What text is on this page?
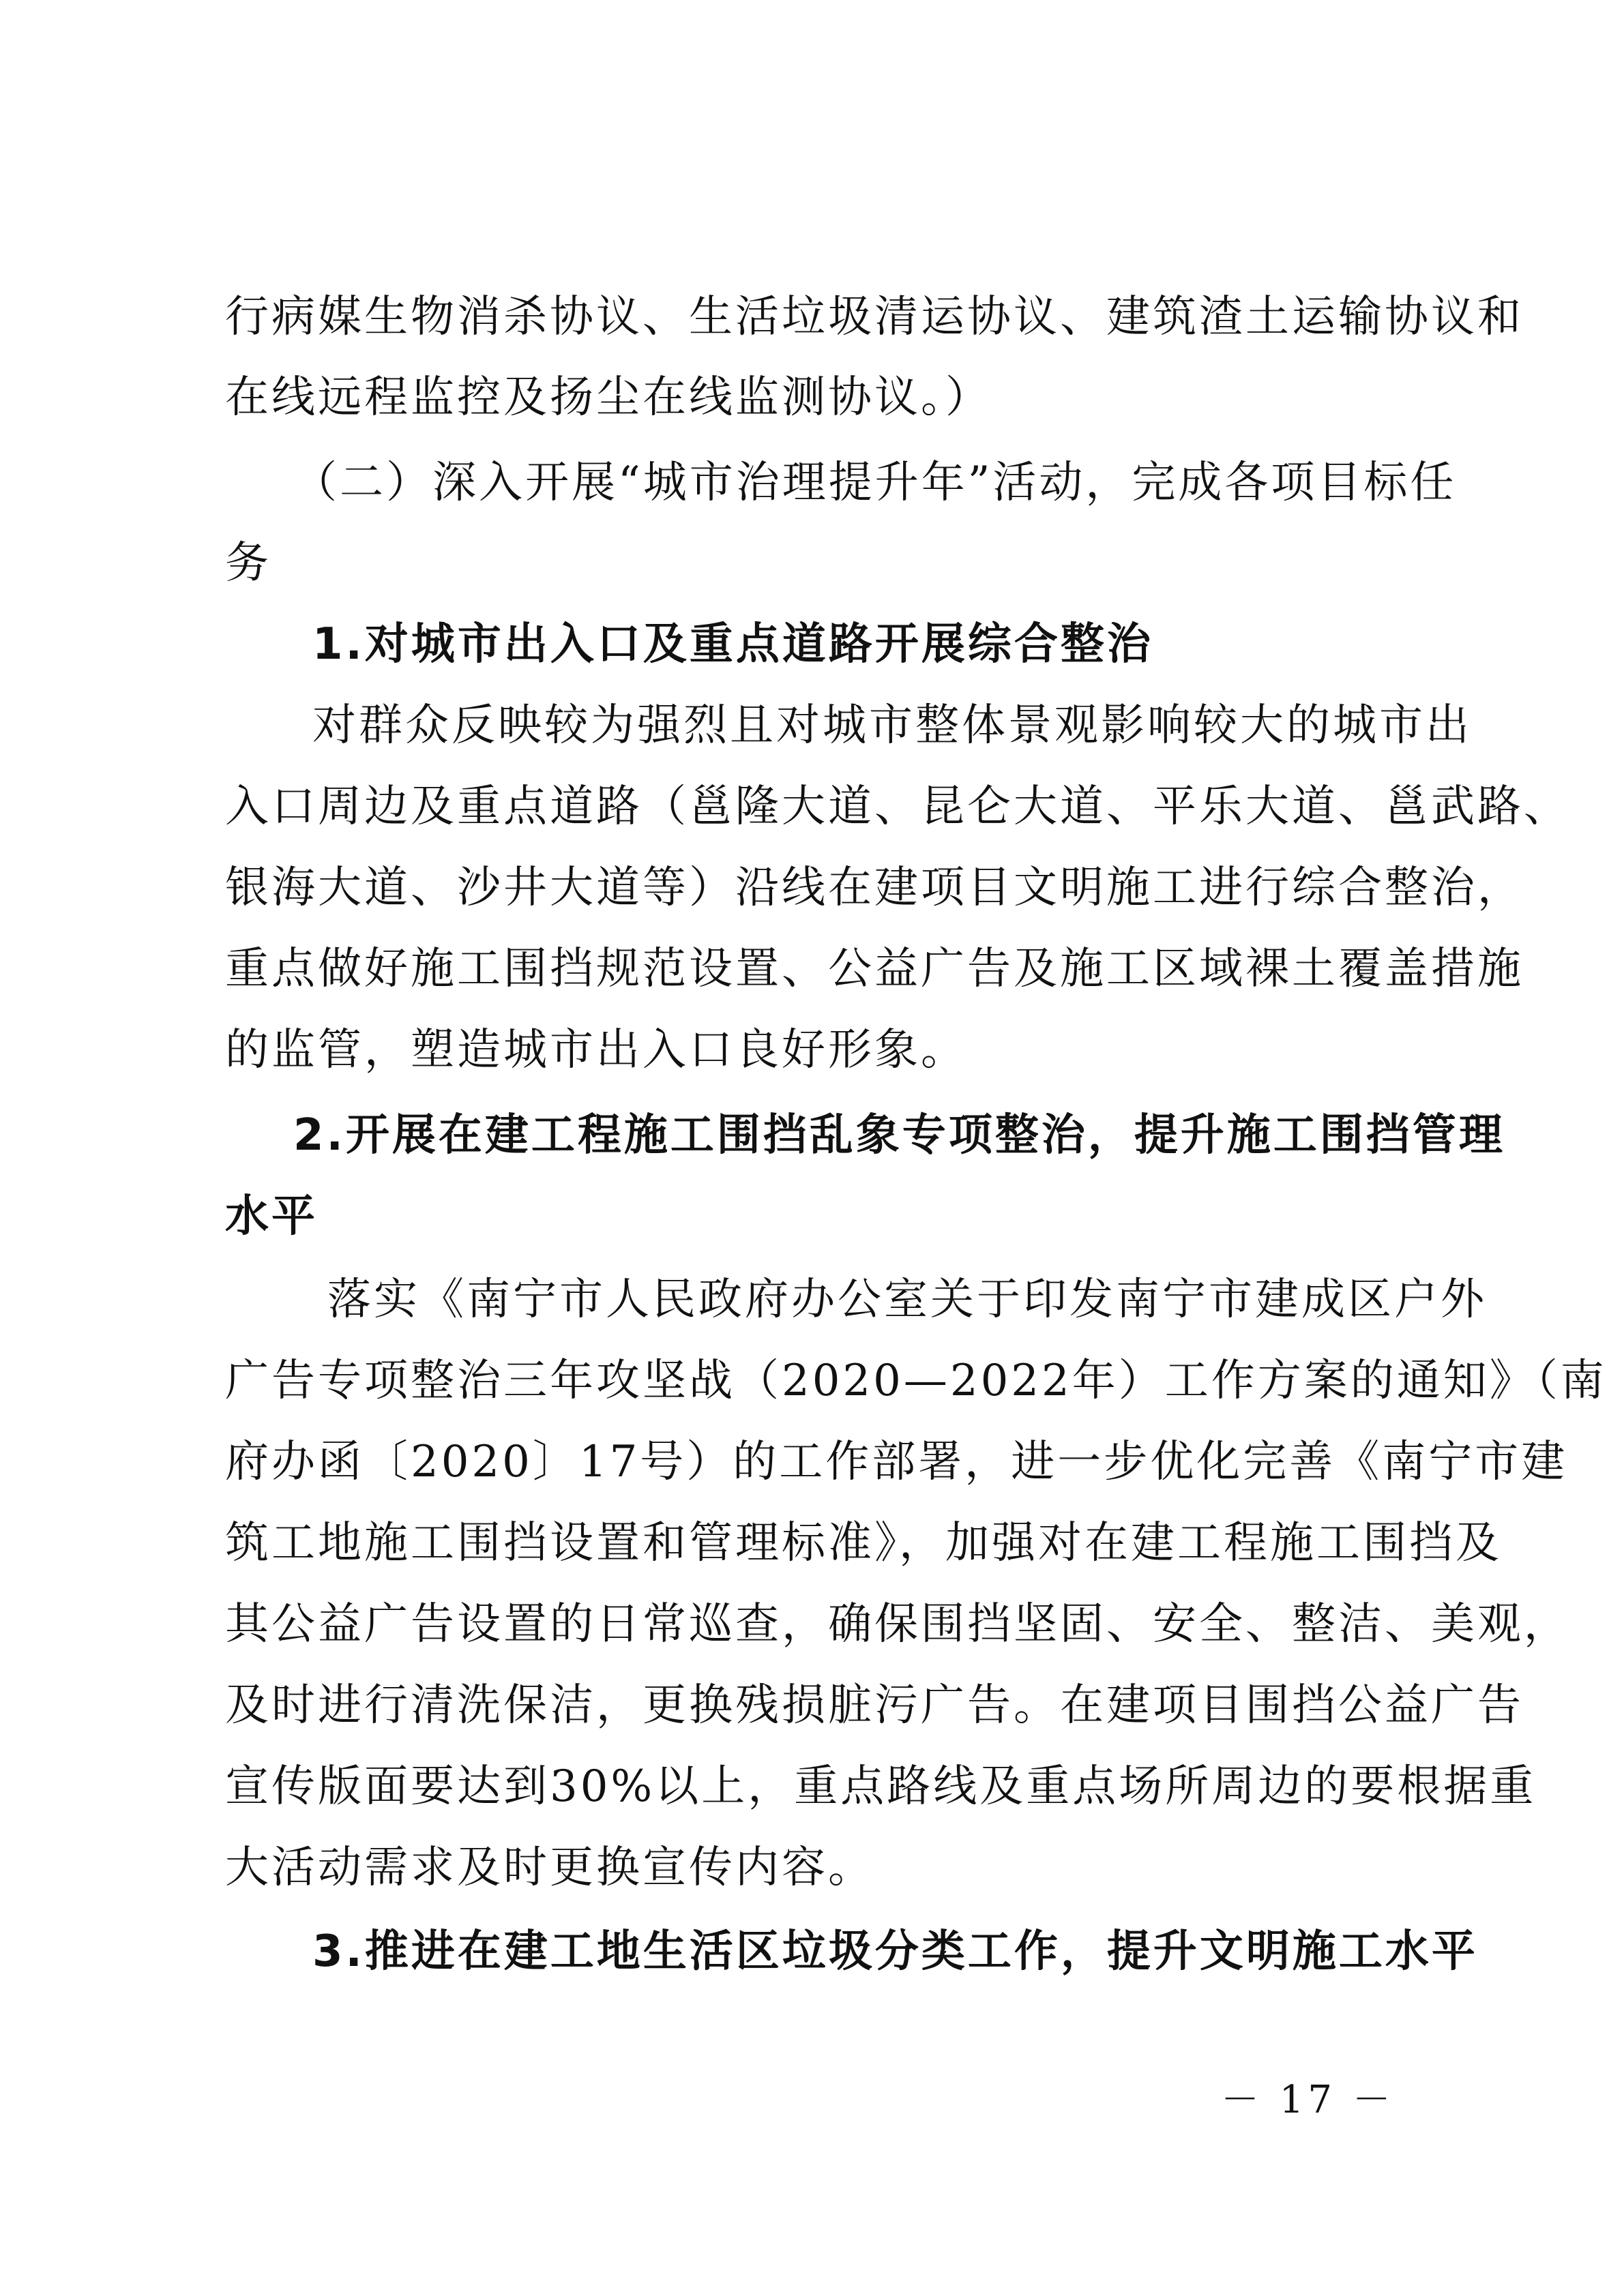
行病媒生物消杀协议、生活垃圾清运协议、建筑渣土运输协议和
在线远程监控及扬尘在线监测协议。）
（二）深入开展“城市治理提升年”活动，完成各项目标任
务
1.对城市出入口及重点道路开展综合整治
对群众反映较为强烈且对城市整体景观影响较大的城市出
入口周边及重点道路（邕隆大道、昆仑大道、平乐大道、邕武路、
银海大道、沙井大道等）沿线在建项目文明施工进行综合整治，
重点做好施工围挡规范设置、公益广告及施工区域裸土覆盖措施
的监管，塑造城市出入口良好形象。
2.开展在建工程施工围挡乱象专项整治，提升施工围挡管理
水平
落实《南宁市人民政府办公室关于印发南宁市建成区户外
广告专项整治三年攻坚战（2020—2022年）工作方案的通知》（南
府办函〔2020〕17号）的工作部署，进一步优化完善《南宁市建
筑工地施工围挡设置和管理标准》，加强对在建工程施工围挡及
其公益广告设置的日常巡查，确保围挡坚固、安全、整洁、美观，
及时进行清洗保洁，更换残损脏污广告。在建项目围挡公益广告
宣传版面要达到30%以上，重点路线及重点场所周边的要根据重
大活动需求及时更换宣传内容。
3.推进在建工地生活区垃圾分类工作，提升文明施工水平
－ 17 －
